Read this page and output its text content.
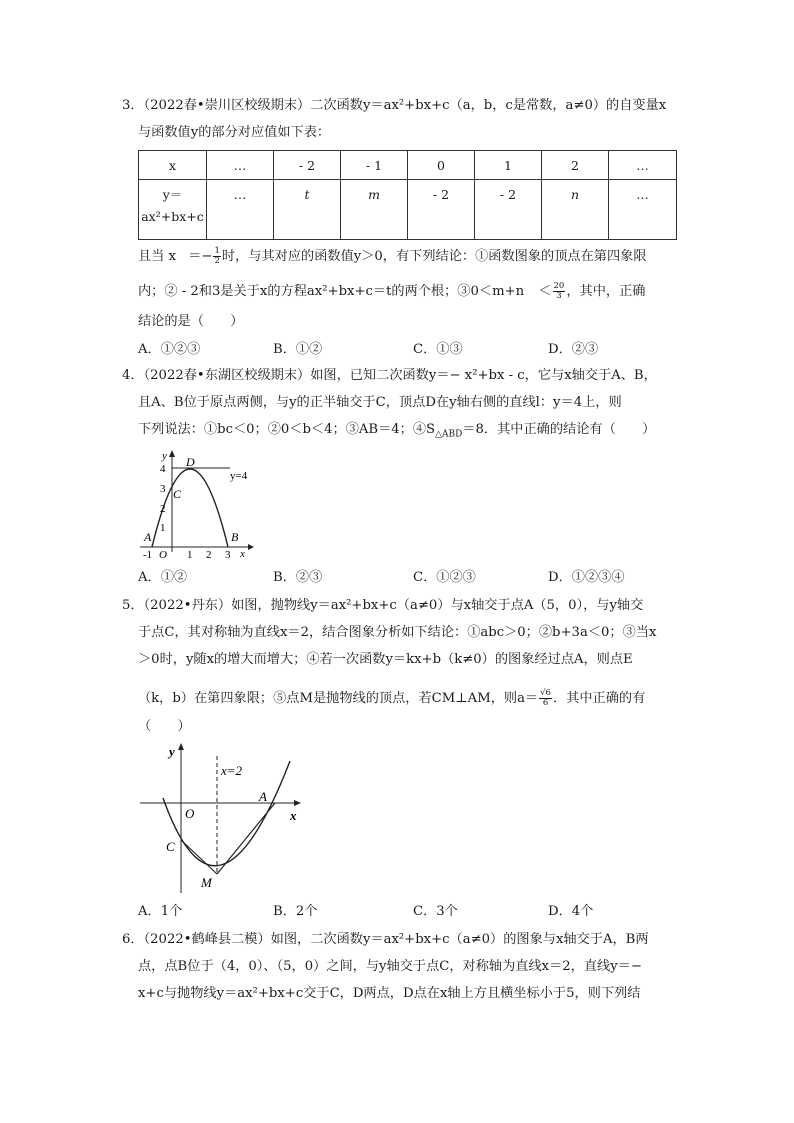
3．（2022春•崇川区校级期末）二次函数y＝ax²+bx+c（a，b，c是常数，a≠0）的自变量x
与函数值y的部分对应值如下表：
x	…	- 2	- 1	0	1	2	…
y＝
ax²+bx+c	…	t	m	- 2	- 2	n	…
且当 $x =- \frac{1}{2}$ 时，与其对应的函数值y＞0，有下列结论：①函数图象的顶点在第四象限
内；② - 2和3是关于x的方程ax²+bx+c＝t的两个根；③0＜m+n ＜ $\frac{20}{3}$ ，其中，正确
结论的是（　　）
A．①②③	B．①②	C．①③	D．②③
4．（2022春•东湖区校级期末）如图，已知二次函数y＝− x²+bx - c，它与x轴交于A、B，
且A、B位于原点两侧，与y的正半轴交于C，顶点D在y轴右侧的直线l：y＝4上，则
下列说法：①bc＜0；②0＜b＜4；③AB＝4；$④S_{\triangle ABD}=8$．其中正确的结论有（　　）
4
3
2
1
1 2 3
-1 O	x
y D
C
A	B
y=4
A．①②	B．②③	C．①②③	D．①②③④
5．（2022•丹东）如图，抛物线y＝ax²+bx+c（a≠0）与x轴交于点A（5，0），与y轴交
于点C，其对称轴为直线x＝2，结合图象分析如下结论：①abc＞0；②b+3a＜0；③当x
＞0时，y随x的增大而增大；④若一次函数y＝kx+b（k≠0）的图象经过点A，则点E
（k，b）在第四象限；⑤点M是抛物线的顶点，若CM⊥AM，则$a= \frac{√6}{6}$ ．其中正确的有
（　　）
y
x
O
x=2
A
C
M
A．1个	B．2个	C．3个	D．4个
6．（2022•鹤峰县二模）如图，二次函数y＝ax²+bx+c（a≠0）的图象与x轴交于A，B两
点，点B位于（4，0）、（5，0）之间，与y轴交于点C，对称轴为直线x＝2，直线y＝−
x+c与抛物线y＝ax²+bx+c交于C，D两点，D点在x轴上方且横坐标小于5，则下列结
